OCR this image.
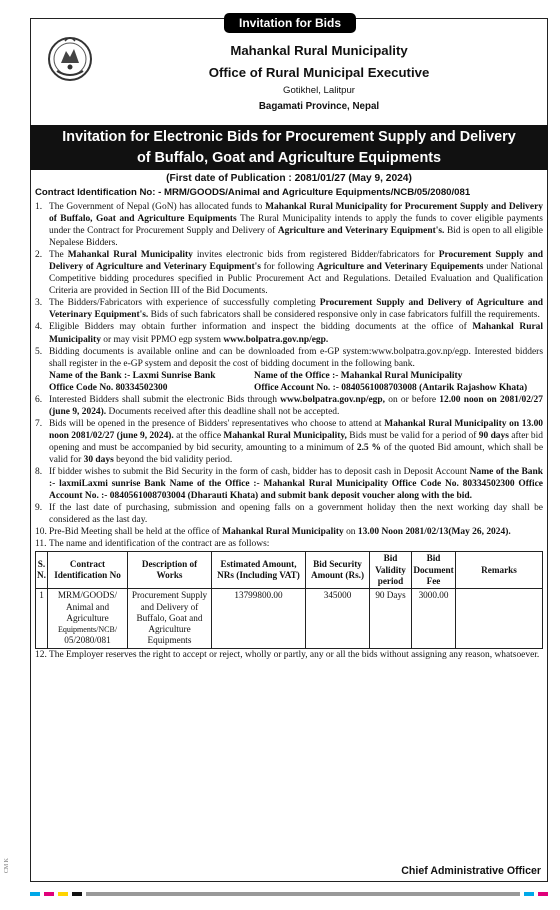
Invitation for Bids
Mahankal Rural Municipality
Office of Rural Municipal Executive
Gotikhel, Lalitpur
Bagamati Province, Nepal
Invitation for Electronic Bids for Procurement Supply and Delivery
of Buffalo, Goat and Agriculture Equipments
(First date of Publication : 2081/01/27 (May 9, 2024)
Contract Identification No: - MRM/GOODS/Animal and Agriculture Equipments/NCB/05/2080/081
1. The Government of Nepal (GoN) has allocated funds to Mahankal Rural Municipality for Procurement Supply and Delivery of Buffalo, Goat and Agriculture Equipments The Rural Municipality intends to apply the funds to cover eligible payments under the Contract for Procurement Supply and Delivery of Agriculture and Veterinary Equipment's. Bid is open to all eligible Nepalese Bidders.
2. The Mahankal Rural Municipality invites electronic bids from registered Bidder/fabricators for Procurement Supply and Delivery of Agriculture and Veterinary Equipment's for following Agriculture and Veterinary Equipements under National Competitive bidding procedures specified in Public Procurement Act and Regulations. Detailed Evaluation and Qualification Criteria are provided in Section III of the Bid Documents.
3. The Bidders/Fabricators with experience of successfully completing Procurement Supply and Delivery of Agriculture and Veterinary Equipment's. Bids of such fabricators shall be considered responsive only in case fabricators fulfill the requirements.
4. Eligible Bidders may obtain further information and inspect the bidding documents at the office of Mahankal Rural Municipality or may visit PPMO egp system www.bolpatra.gov.np/egp.
5. Bidding documents is available online and can be downloaded from e-GP system:www.bolpatra.gov.np/egp. Interested bidders shall register in the e-GP system and deposit the cost of bidding document in the following bank.
Name of the Bank :- Laxmi Sunrise Bank	Name of the Office :- Mahankal Rural Municipality
Office Code No. 80334502300	Office Account No. :- 0840561008703008 (Antarik Rajashow Khata)
6. Interested Bidders shall submit the electronic Bids through www.bolpatra.gov.np/egp, on or before 12.00 noon on 2081/02/27 (june 9, 2024). Documents received after this deadline shall not be accepted.
7. Bids will be opened in the presence of Bidders' representatives who choose to attend at Mahankal Rural Municipality on 13.00 noon 2081/02/27 (june 9, 2024). at the office Mahankal Rural Municipality, Bids must be valid for a period of 90 days after bid opening and must be accompanied by bid security, amounting to a minimum of 2.5 % of the quoted Bid amount, which shall be valid for 30 days beyond the bid validity period.
8. If bidder wishes to submit the Bid Security in the form of cash, bidder has to deposit cash in Deposit Account Name of the Bank :- laxmiLaxmi sunrise Bank Name of the Office :- Mahankal Rural Municipality Office Code No. 80334502300 Office Account No. :- 0840561008703004 (Dharauti Khata) and submit bank deposit voucher along with the bid.
9. If the last date of purchasing, submission and opening falls on a government holiday then the next working day shall be considered as the last day.
10. Pre-Bid Meeting shall be held at the office of Mahankal Rural Municipality on 13.00 Noon 2081/02/13(May 26, 2024).
11. The name and identification of the contract are as follows:
S. N.	Contract Identification No	Description of Works	Estimated Amount, NRs (Including VAT)	Bid Security Amount (Rs.)	Bid Validity period	Bid Document Fee	Remarks
1	MRM/GOODS/ Animal and Agriculture
Equipments/NCB/
05/2080/081	Procurement Supply and Delivery of Buffalo, Goat and Agriculture Equipments	13799800.00	345000	90 Days	3000.00	
12. The Employer reserves the right to accept or reject, wholly or partly, any or all the bids without assigning any reason, whatsoever.
Chief Administrative Officer
CM K
